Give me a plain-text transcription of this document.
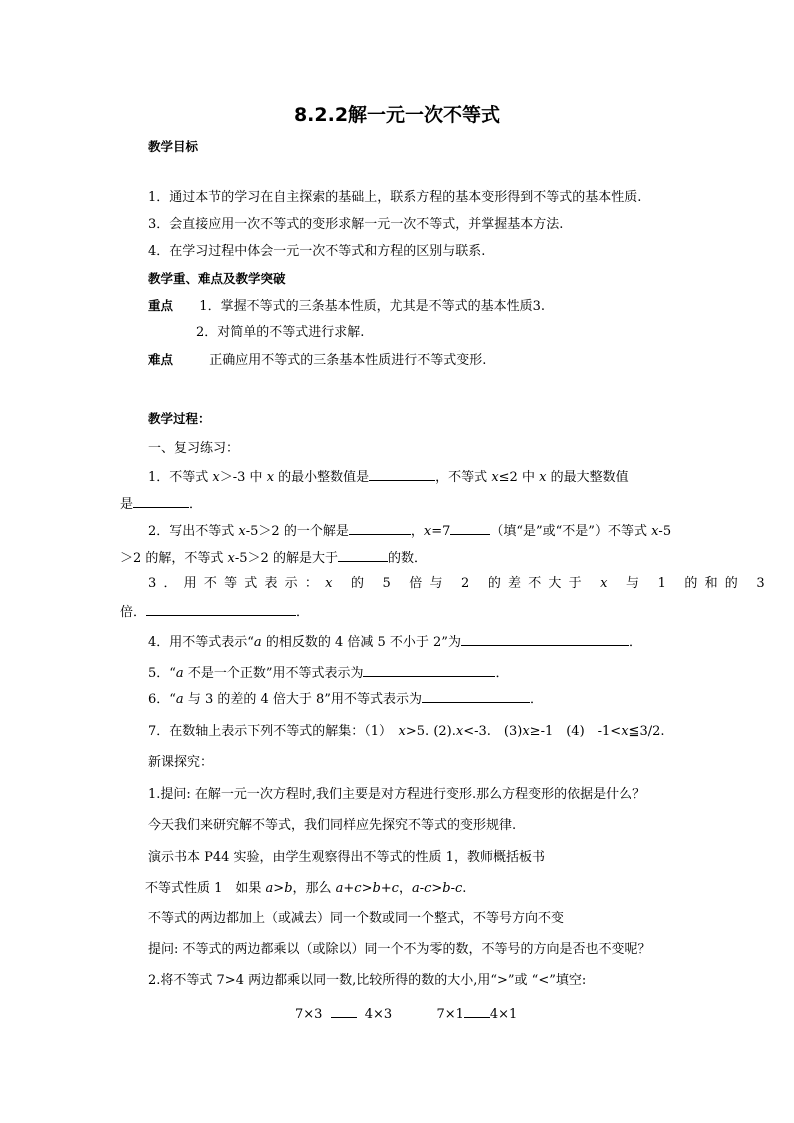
8.2.2解一元一次不等式
教学目标
1．通过本节的学习在自主探索的基础上，联系方程的基本变形得到不等式的基本性质.
3．会直接应用一次不等式的变形求解一元一次不等式，并掌握基本方法.
4．在学习过程中体会一元一次不等式和方程的区别与联系.
教学重、难点及教学突破
重点 1．掌握不等式的三条基本性质，尤其是不等式的基本性质3.
2．对简单的不等式进行求解.
难点	正确应用不等式的三条基本性质进行不等式变形.
教学过程：
一、复习练习：
1．不等式 x＞-3 中 x 的最小整数值是	，不等式 x≤2 中 x 的最大整数值
是	．
2．写出不等式 x-5＞2 的一个解是	，x=7	（填“是”或“不是”）不等式 x-5
＞2 的解，不等式 x-5＞2 的解是大于	的数．
3．用不等式表示：x 的 5 倍与 2 的差不大于 x 与 1 的和的 3
倍．	．
4．用不等式表示“a 的相反数的 4 倍减 5 不小于 2”为	．
5．“a 不是一个正数”用不等式表示为	．
6．“a 与 3 的差的 4 倍大于 8”用不等式表示为	．
7．在数轴上表示下列不等式的解集：（1）　x>5. (2).x<-3.　(3)x≥-1　(4)　-1<x≦3/2.
新课探究：
1.提问: 在解一元一次方程时,我们主要是对方程进行变形.那么方程变形的依据是什么？
今天我们来研究解不等式，我们同样应先探究不等式的变形规律.
演示书本 P44 实验，由学生观察得出不等式的性质 1，教师概括板书
不等式性质 1　如果 a>b，那么 a+c>b+c，a-c>b-c.
不等式的两边都加上（或减去）同一个数或同一个整式，不等号方向不变
提问: 不等式的两边都乘以（或除以）同一个不为零的数，不等号的方向是否也不变呢？
2.将不等式 7>4 两边都乘以同一数,比较所得的数的大小,用“>”或 “<”填空:
7×3	4×3	7×1 4×1
